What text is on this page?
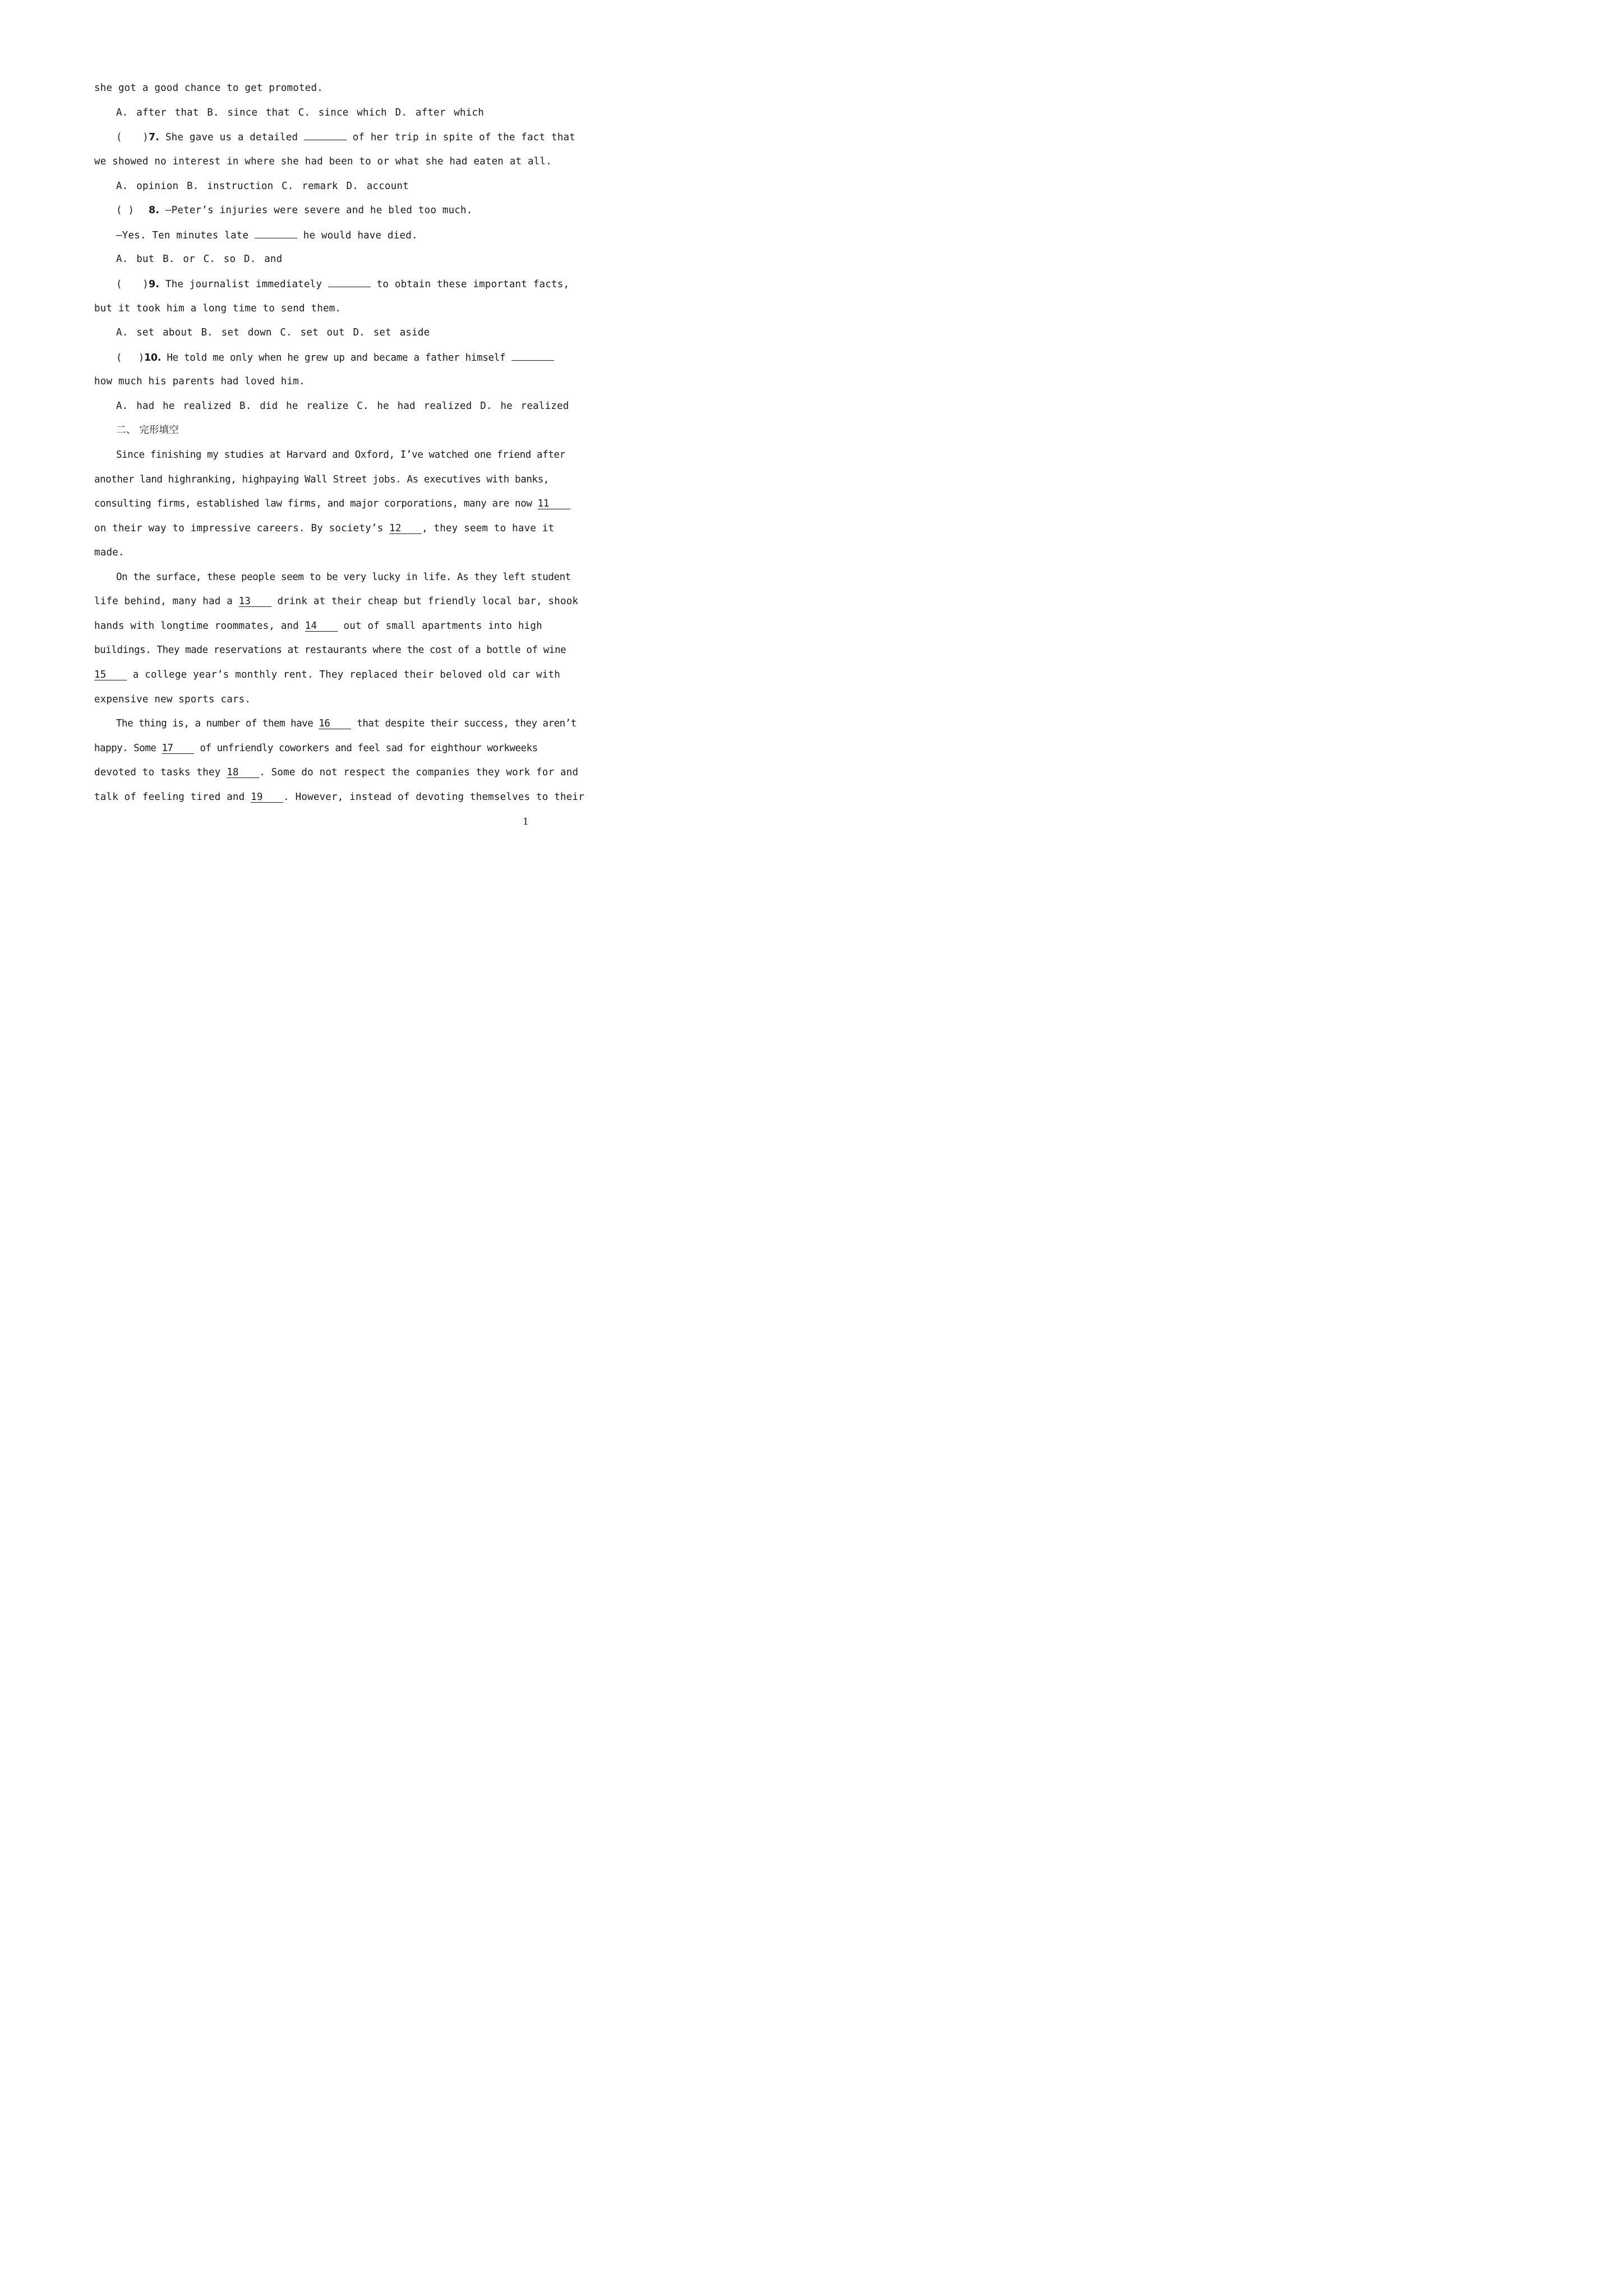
she got a good chance to get promoted.
A. after that B. since that C. since which D. after which
( )7. She gave us a detailed	of her trip in spite of the fact that
we showed no interest in where she had been to or what she had eaten at all.
A. opinion B. instruction C. remark D. account
( ) 8. —Peter’s injuries were severe and he bled too much.
—Yes. Ten minutes late	he would have died.
A. but B. or C. so D. and
( )9. The journalist immediately	to obtain these important facts,
but it took him a long time to send them.
A. set about B. set down C. set out D. set aside
( )10. He told me only when he grew up and became a father himself
how much his parents had loved him.
A. had he realized B. did he realize C. he had realized D. he realized
二、 完形填空
Since finishing my studies at Harvard and Oxford, I’ve watched one friend after
another land highranking, highpaying Wall Street jobs. As executives with banks,
consulting firms, established law firms, and major corporations, many are now 11
on their way to impressive careers. By society’s 12 , they seem to have it
made.
On the surface, these people seem to be very lucky in life. As they left student
life behind, many had a 13	drink at their cheap but friendly local bar, shook
hands with longtime roommates, and 14	out of small apartments into high
buildings. They made reservations at restaurants where the cost of a bottle of wine
15	a college year’s monthly rent. They replaced their beloved old car with
expensive new sports cars.
The thing is, a number of them have 16	that despite their success, they aren’t
happy. Some 17	of unfriendly coworkers and feel sad for eighthour workweeks
devoted to tasks they 18 . Some do not respect the companies they work for and
talk of feeling tired and 19 . However, instead of devoting themselves to their
1
